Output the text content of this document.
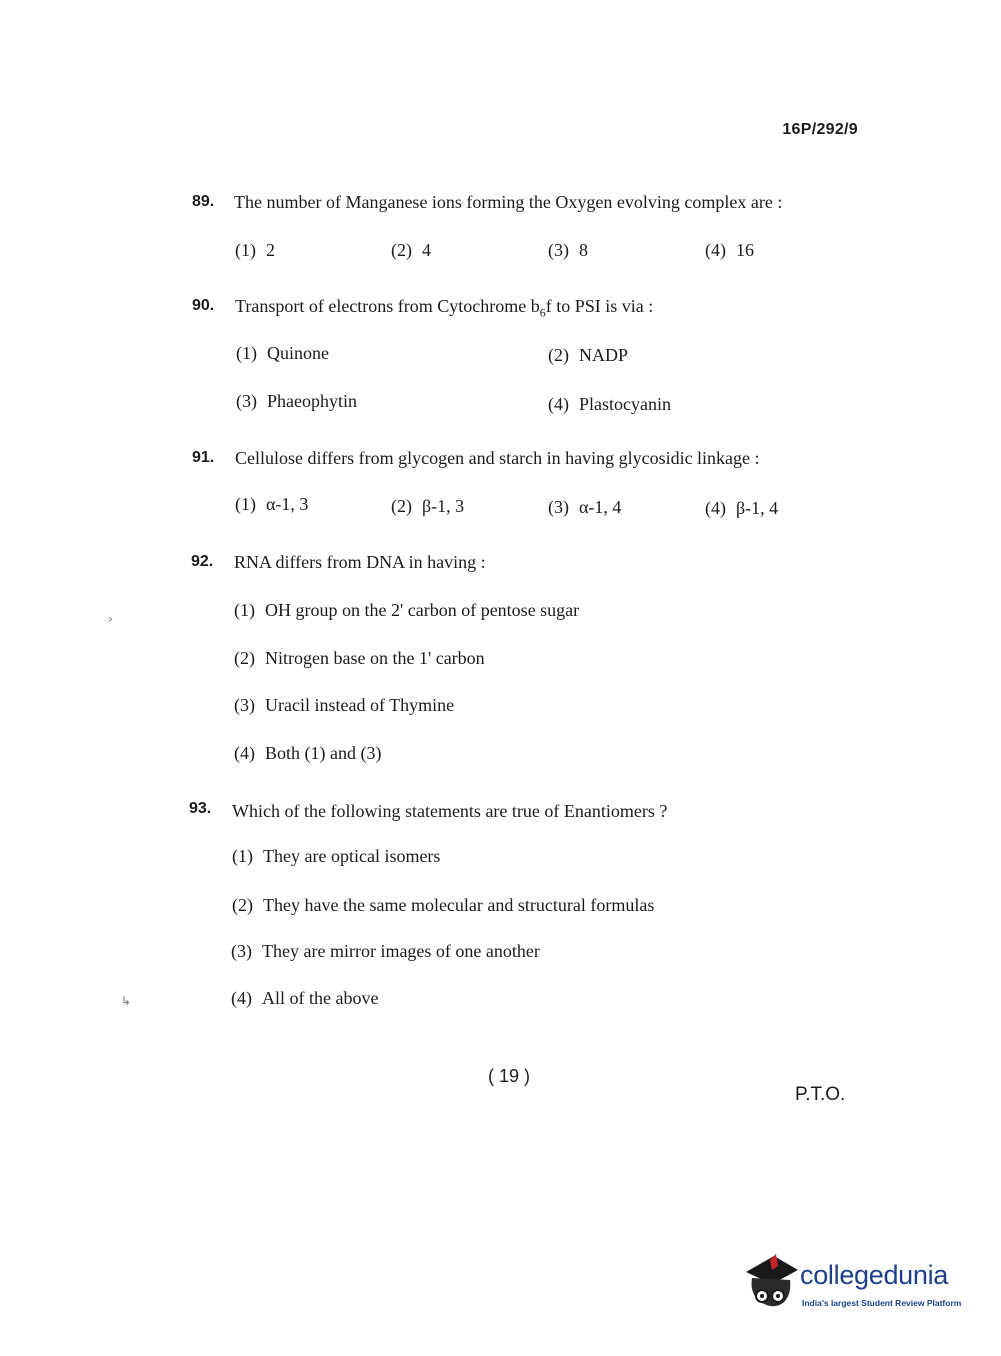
16P/292/9
89.	The number of Manganese ions forming the Oxygen evolving complex are :
(1) 2	(2) 4	(3) 8	(4) 16
90.	Transport of electrons from Cytochrome $b_6f$ to PSI is via :
(1) Quinone	(2) NADP
(3) Phaeophytin	(4) Plastocyanin
91.	Cellulose differs from glycogen and starch in having glycosidic linkage :
(1) α-1, 3	(2) β-1, 3	(3) α-1, 4	(4) β-1, 4
92.	RNA differs from DNA in having :
(1) OH group on the 2' carbon of pentose sugar
(2) Nitrogen base on the 1' carbon
(3) Uracil instead of Thymine
(4) Both (1) and (3)
93.	Which of the following statements are true of Enantiomers ?
(1) They are optical isomers
(2) They have the same molecular and structural formulas
(3) They are mirror images of one another
(4) All of the above
›
↳
( 19 )
P.T.O.
collegedunia
India's largest Student Review Platform
